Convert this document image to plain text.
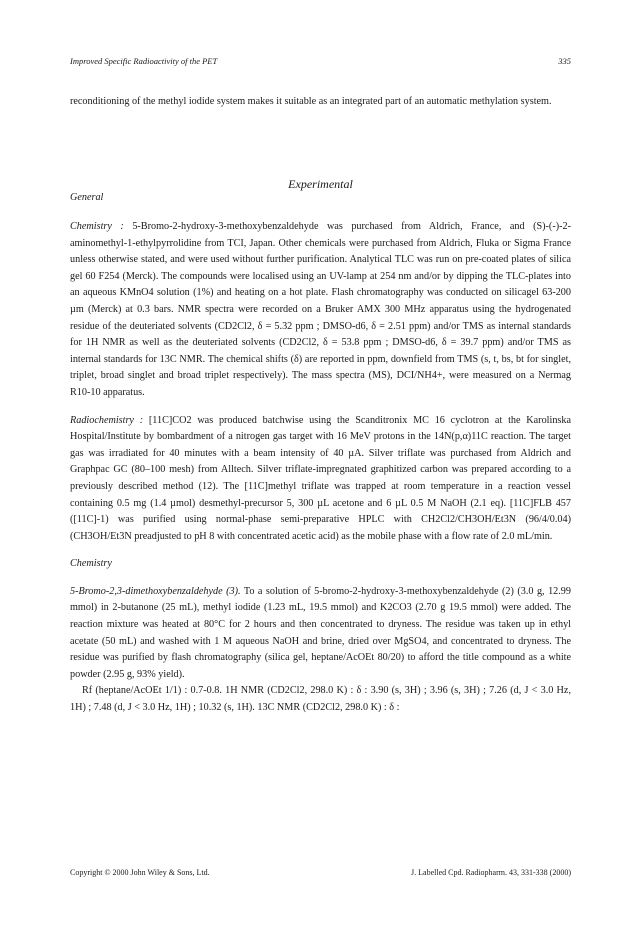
Improved Specific Radioactivity of the PET	335

reconditioning of the methyl iodide system makes it suitable as an integrated part of an automatic methylation system.

Experimental
General

Chemistry : 5-Bromo-2-hydroxy-3-methoxybenzaldehyde was purchased from Aldrich, France, and (S)-(-)-2-aminomethyl-1-ethylpyrrolidine from TCI, Japan. Other chemicals were purchased from Aldrich, Fluka or Sigma France unless otherwise stated, and were used without further purification. Analytical TLC was run on pre-coated plates of silica gel 60 F254 (Merck). The compounds were localised using an UV-lamp at 254 nm and/or by dipping the TLC-plates into an aqueous KMnO4 solution (1%) and heating on a hot plate. Flash chromatography was conducted on silicagel 63-200 µm (Merck) at 0.3 bars. NMR spectra were recorded on a Bruker AMX 300 MHz apparatus using the hydrogenated residue of the deuteriated solvents (CD2Cl2, δ = 5.32 ppm ; DMSO-d6, δ = 2.51 ppm) and/or TMS as internal standards for 1H NMR as well as the deuteriated solvents (CD2Cl2, δ = 53.8 ppm ; DMSO-d6, δ = 39.7 ppm) and/or TMS as internal standards for 13C NMR. The chemical shifts (δ) are reported in ppm, downfield from TMS (s, t, bs, bt for singlet, triplet, broad singlet and broad triplet respectively). The mass spectra (MS), DCI/NH4+, were measured on a Nermag R10-10 apparatus.

Radiochemistry : [11C]CO2 was produced batchwise using the Scanditronix MC 16 cyclotron at the Karolinska Hospital/Institute by bombardment of a nitrogen gas target with 16 MeV protons in the 14N(p,α)11C reaction. The target gas was irradiated for 40 minutes with a beam intensity of 40 µA. Silver triflate was purchased from Aldrich and Graphpac GC (80–100 mesh) from Alltech. Silver triflate-impregnated graphitized carbon was prepared according to a previously described method (12). The [11C]methyl triflate was trapped at room temperature in a reaction vessel containing 0.5 mg (1.4 µmol) desmethyl-precursor 5, 300 µL acetone and 6 µL 0.5 M NaOH (2.1 eq). [11C]FLB 457 ([11C]-1) was purified using normal-phase semi-preparative HPLC with CH2Cl2/CH3OH/Et3N (96/4/0.04) (CH3OH/Et3N preadjusted to pH 8 with concentrated acetic acid) as the mobile phase with a flow rate of 2.0 mL/min.

Chemistry

5-Bromo-2,3-dimethoxybenzaldehyde (3). To a solution of 5-bromo-2-hydroxy-3-methoxybenzaldehyde (2) (3.0 g, 12.99 mmol) in 2-butanone (25 mL), methyl iodide (1.23 mL, 19.5 mmol) and K2CO3 (2.70 g 19.5 mmol) were added. The reaction mixture was heated at 80°C for 2 hours and then concentrated to dryness. The residue was taken up in ethyl acetate (50 mL) and washed with 1 M aqueous NaOH and brine, dried over MgSO4, and concentrated to dryness. The residue was purified by flash chromatography (silica gel, heptane/AcOEt 80/20) to afford the title compound as a white powder (2.95 g, 93% yield).

Rf (heptane/AcOEt 1/1) : 0.7-0.8. 1H NMR (CD2Cl2, 298.0 K) : δ : 3.90 (s, 3H) ; 3.96 (s, 3H) ; 7.26 (d, J < 3.0 Hz, 1H) ; 7.48 (d, J < 3.0 Hz, 1H) ; 10.32 (s, 1H). 13C NMR (CD2Cl2, 298.0 K) : δ :

Copyright © 2000 John Wiley & Sons, Ltd.	J. Labelled Cpd. Radiopharm. 43, 331-338 (2000)
